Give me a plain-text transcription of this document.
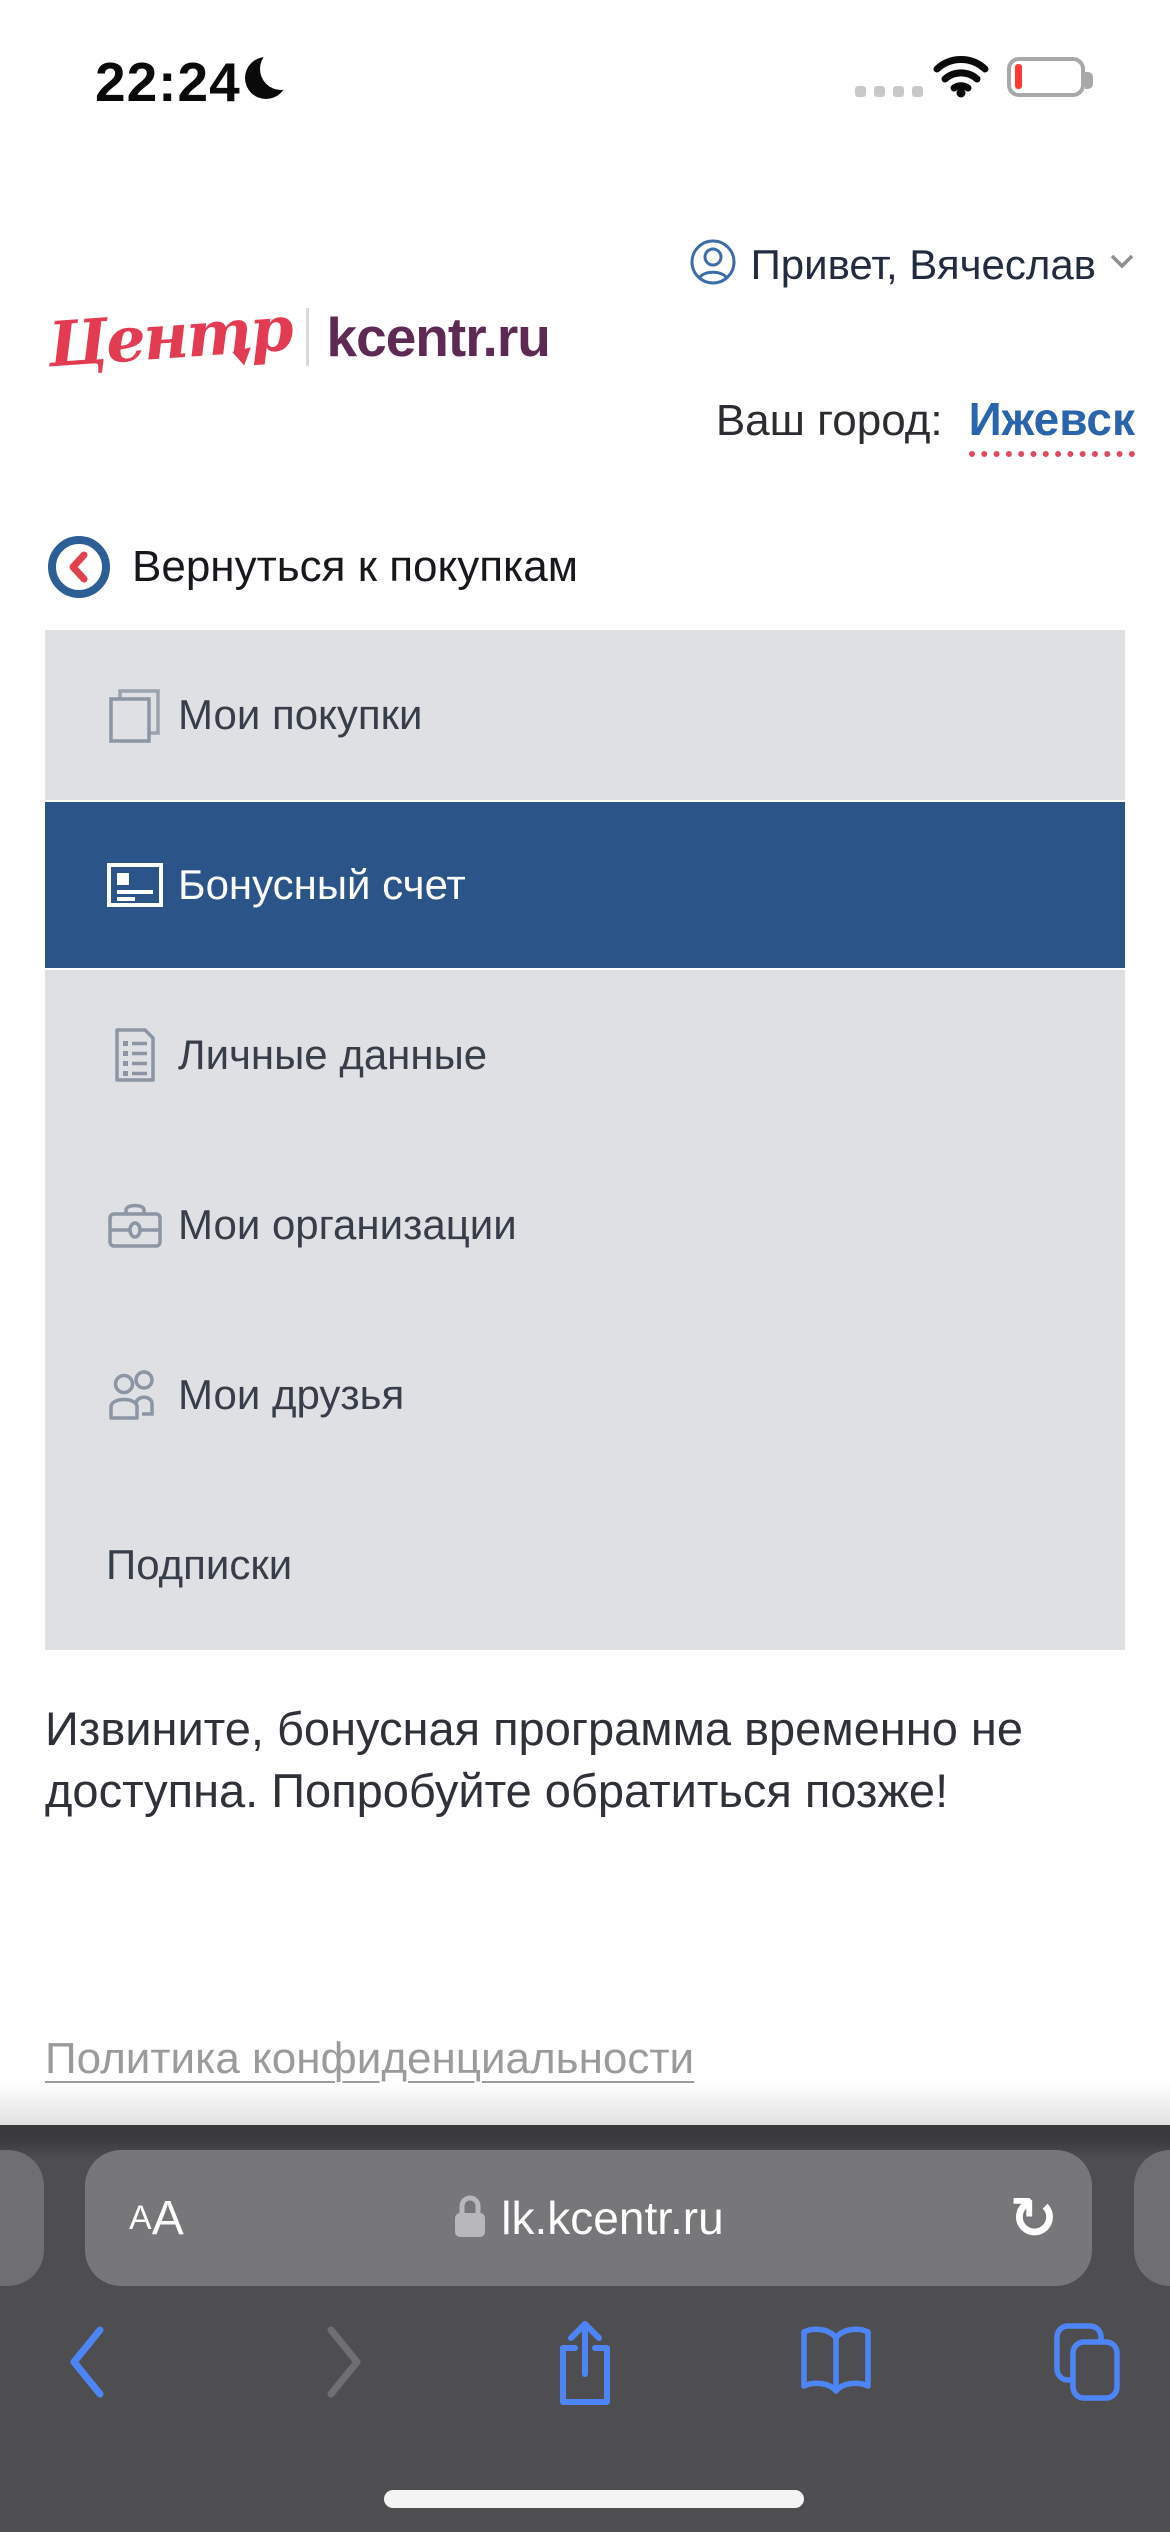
22:24
Привет, Вячеслав
Центр kcentr.ru
Ваш город: Ижевск
Вернуться к покупкам
Мои покупки
Бонусный счет
Личные данные
Мои организации
Мои друзья
Подписки
Извините, бонусная программа временно не доступна. Попробуйте обратиться позже!
Политика конфиденциальности
А А	lk.kcentr.ru	↻
